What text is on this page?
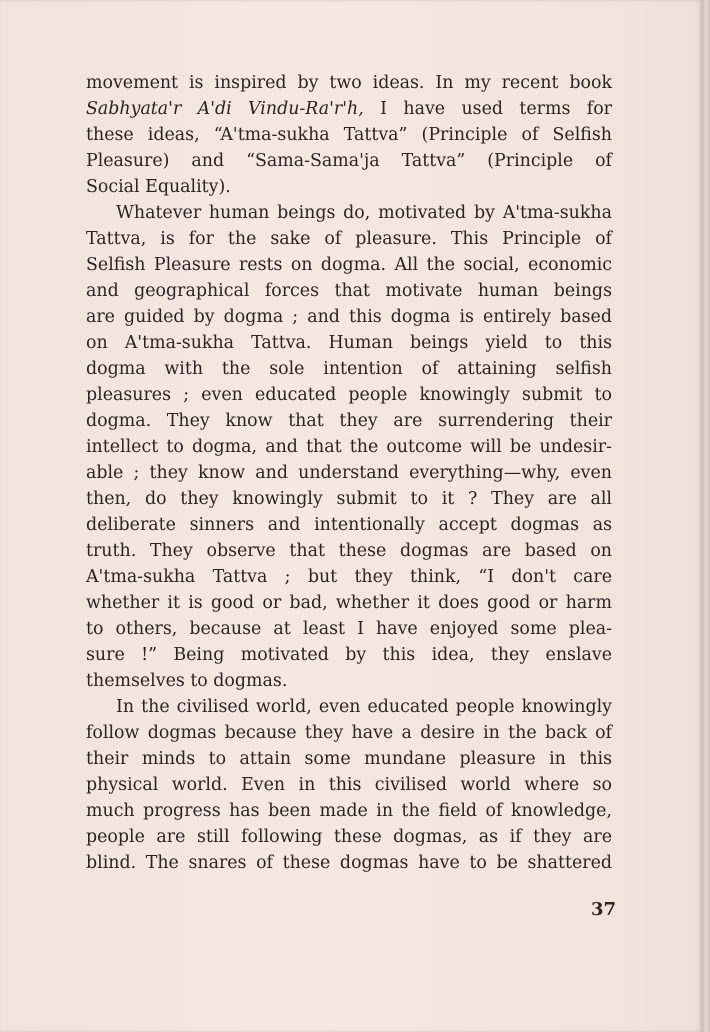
movement is inspired by two ideas. In my recent book
Sabhyata'r A'di Vindu-Ra'r'h, I have used terms for
these ideas, “A'tma-sukha Tattva” (Principle of Selfish
Pleasure) and “Sama-Sama'ja Tattva” (Principle of
Social Equality).
Whatever human beings do, motivated by A'tma-sukha
Tattva, is for the sake of pleasure. This Principle of
Selfish Pleasure rests on dogma. All the social, economic
and geographical forces that motivate human beings
are guided by dogma ; and this dogma is entirely based
on A'tma-sukha Tattva. Human beings yield to this
dogma with the sole intention of attaining selfish
pleasures ; even educated people knowingly submit to
dogma. They know that they are surrendering their
intellect to dogma, and that the outcome will be undesir-
able ; they know and understand everything—why, even
then, do they knowingly submit to it ? They are all
deliberate sinners and intentionally accept dogmas as
truth. They observe that these dogmas are based on
A'tma-sukha Tattva ; but they think, “I don't care
whether it is good or bad, whether it does good or harm
to others, because at least I have enjoyed some plea-
sure !” Being motivated by this idea, they enslave
themselves to dogmas.
In the civilised world, even educated people knowingly
follow dogmas because they have a desire in the back of
their minds to attain some mundane pleasure in this
physical world. Even in this civilised world where so
much progress has been made in the field of knowledge,
people are still following these dogmas, as if they are
blind. The snares of these dogmas have to be shattered
37
